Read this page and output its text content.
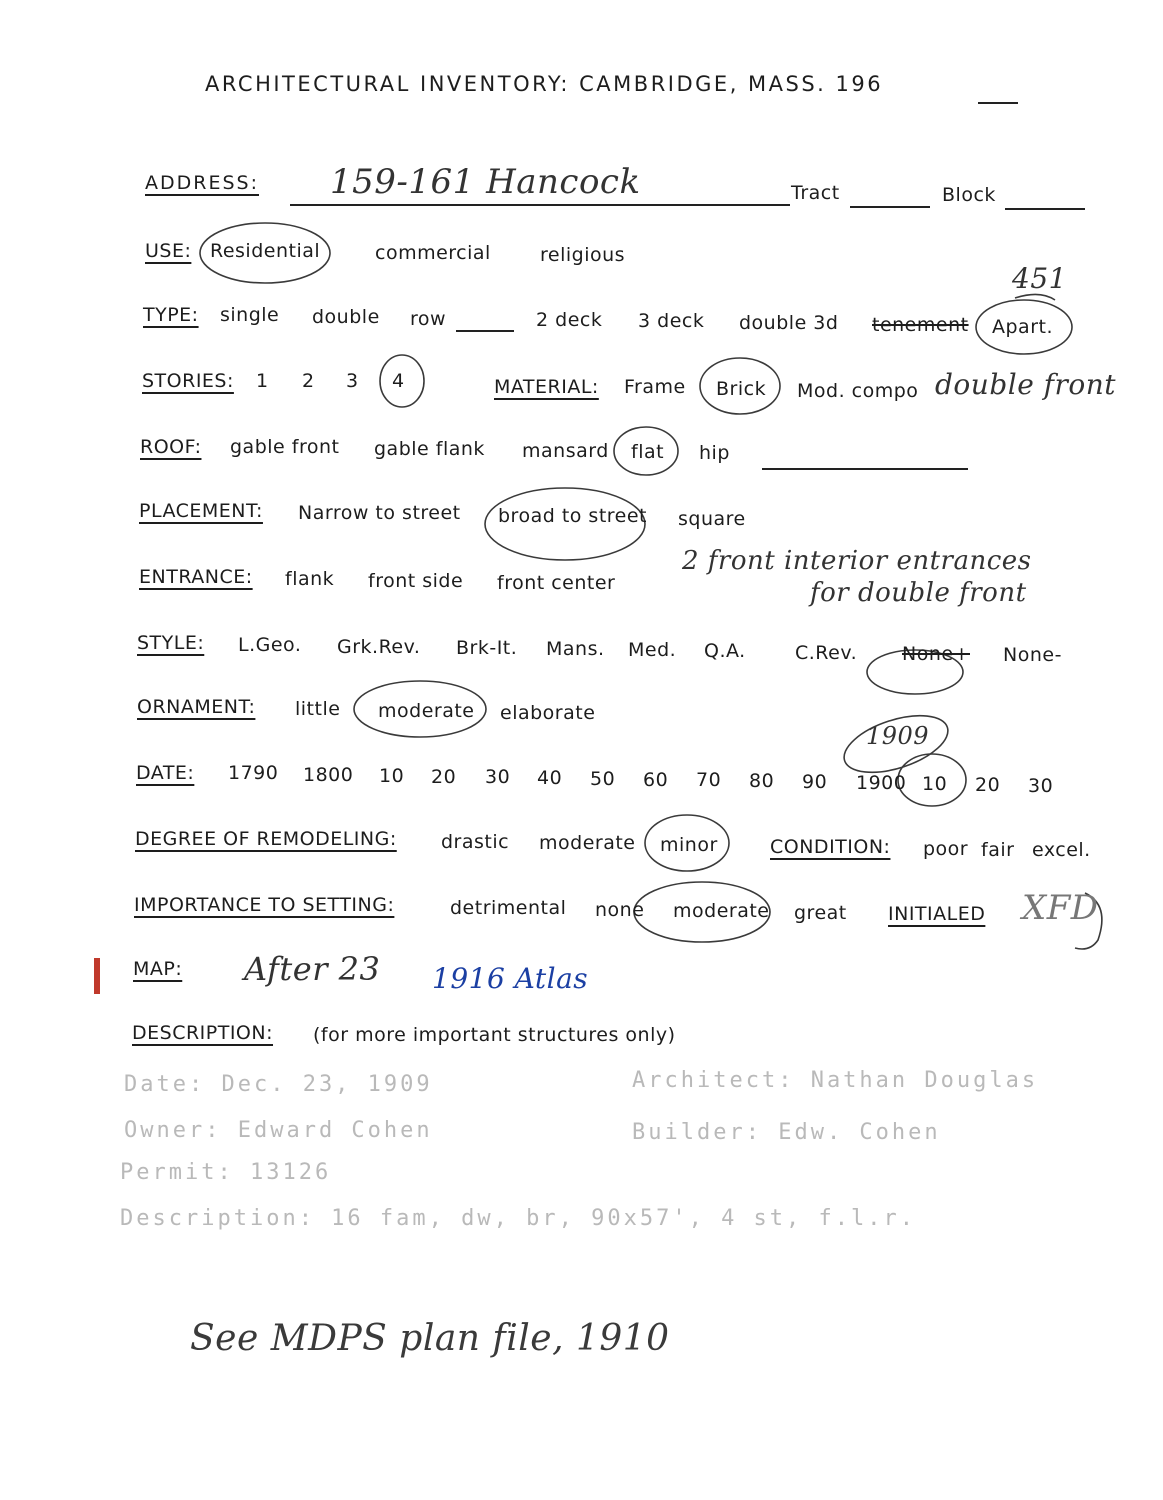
ARCHITECTURAL INVENTORY: CAMBRIDGE, MASS. 196
ADDRESS: 159-161 Hancock	Tract	Block
USE: Residential	commercial	religious
451
TYPE: single double row	2 deck 3 deck double 3d tenement Apart.
STORIES: 1 2 3 4	MATERIAL: Frame Brick Mod. compo double front
ROOF: gable front gable flank mansard flat hip
PLACEMENT: Narrow to street broad to street square
ENTRANCE: flank front side front center
2 front interior entrances
for double front
STYLE: L.Geo. Grk.Rev. Brk-It. Mans. Med. Q.A.	C.Rev. None+ None-
ORNAMENT: little moderate elaborate
1909
DATE: 1790 1800 10 20 30 40 50 60 70 80 90 1900 10 20 30
DEGREE OF REMODELING: drastic moderate minor	CONDITION: poor fair excel.
IMPORTANCE TO SETTING:	detrimental none moderate great INITIALED XFD
MAP: After 23 1916 Atlas
DESCRIPTION: (for more important structures only)
Date: Dec. 23, 1909	Architect: Nathan Douglas
Owner: Edward Cohen	Builder: Edw. Cohen
Permit: 13126
Description: 16 fam, dw, br, 90x57', 4 st, f.l.r.
See MDPS plan file, 1910
